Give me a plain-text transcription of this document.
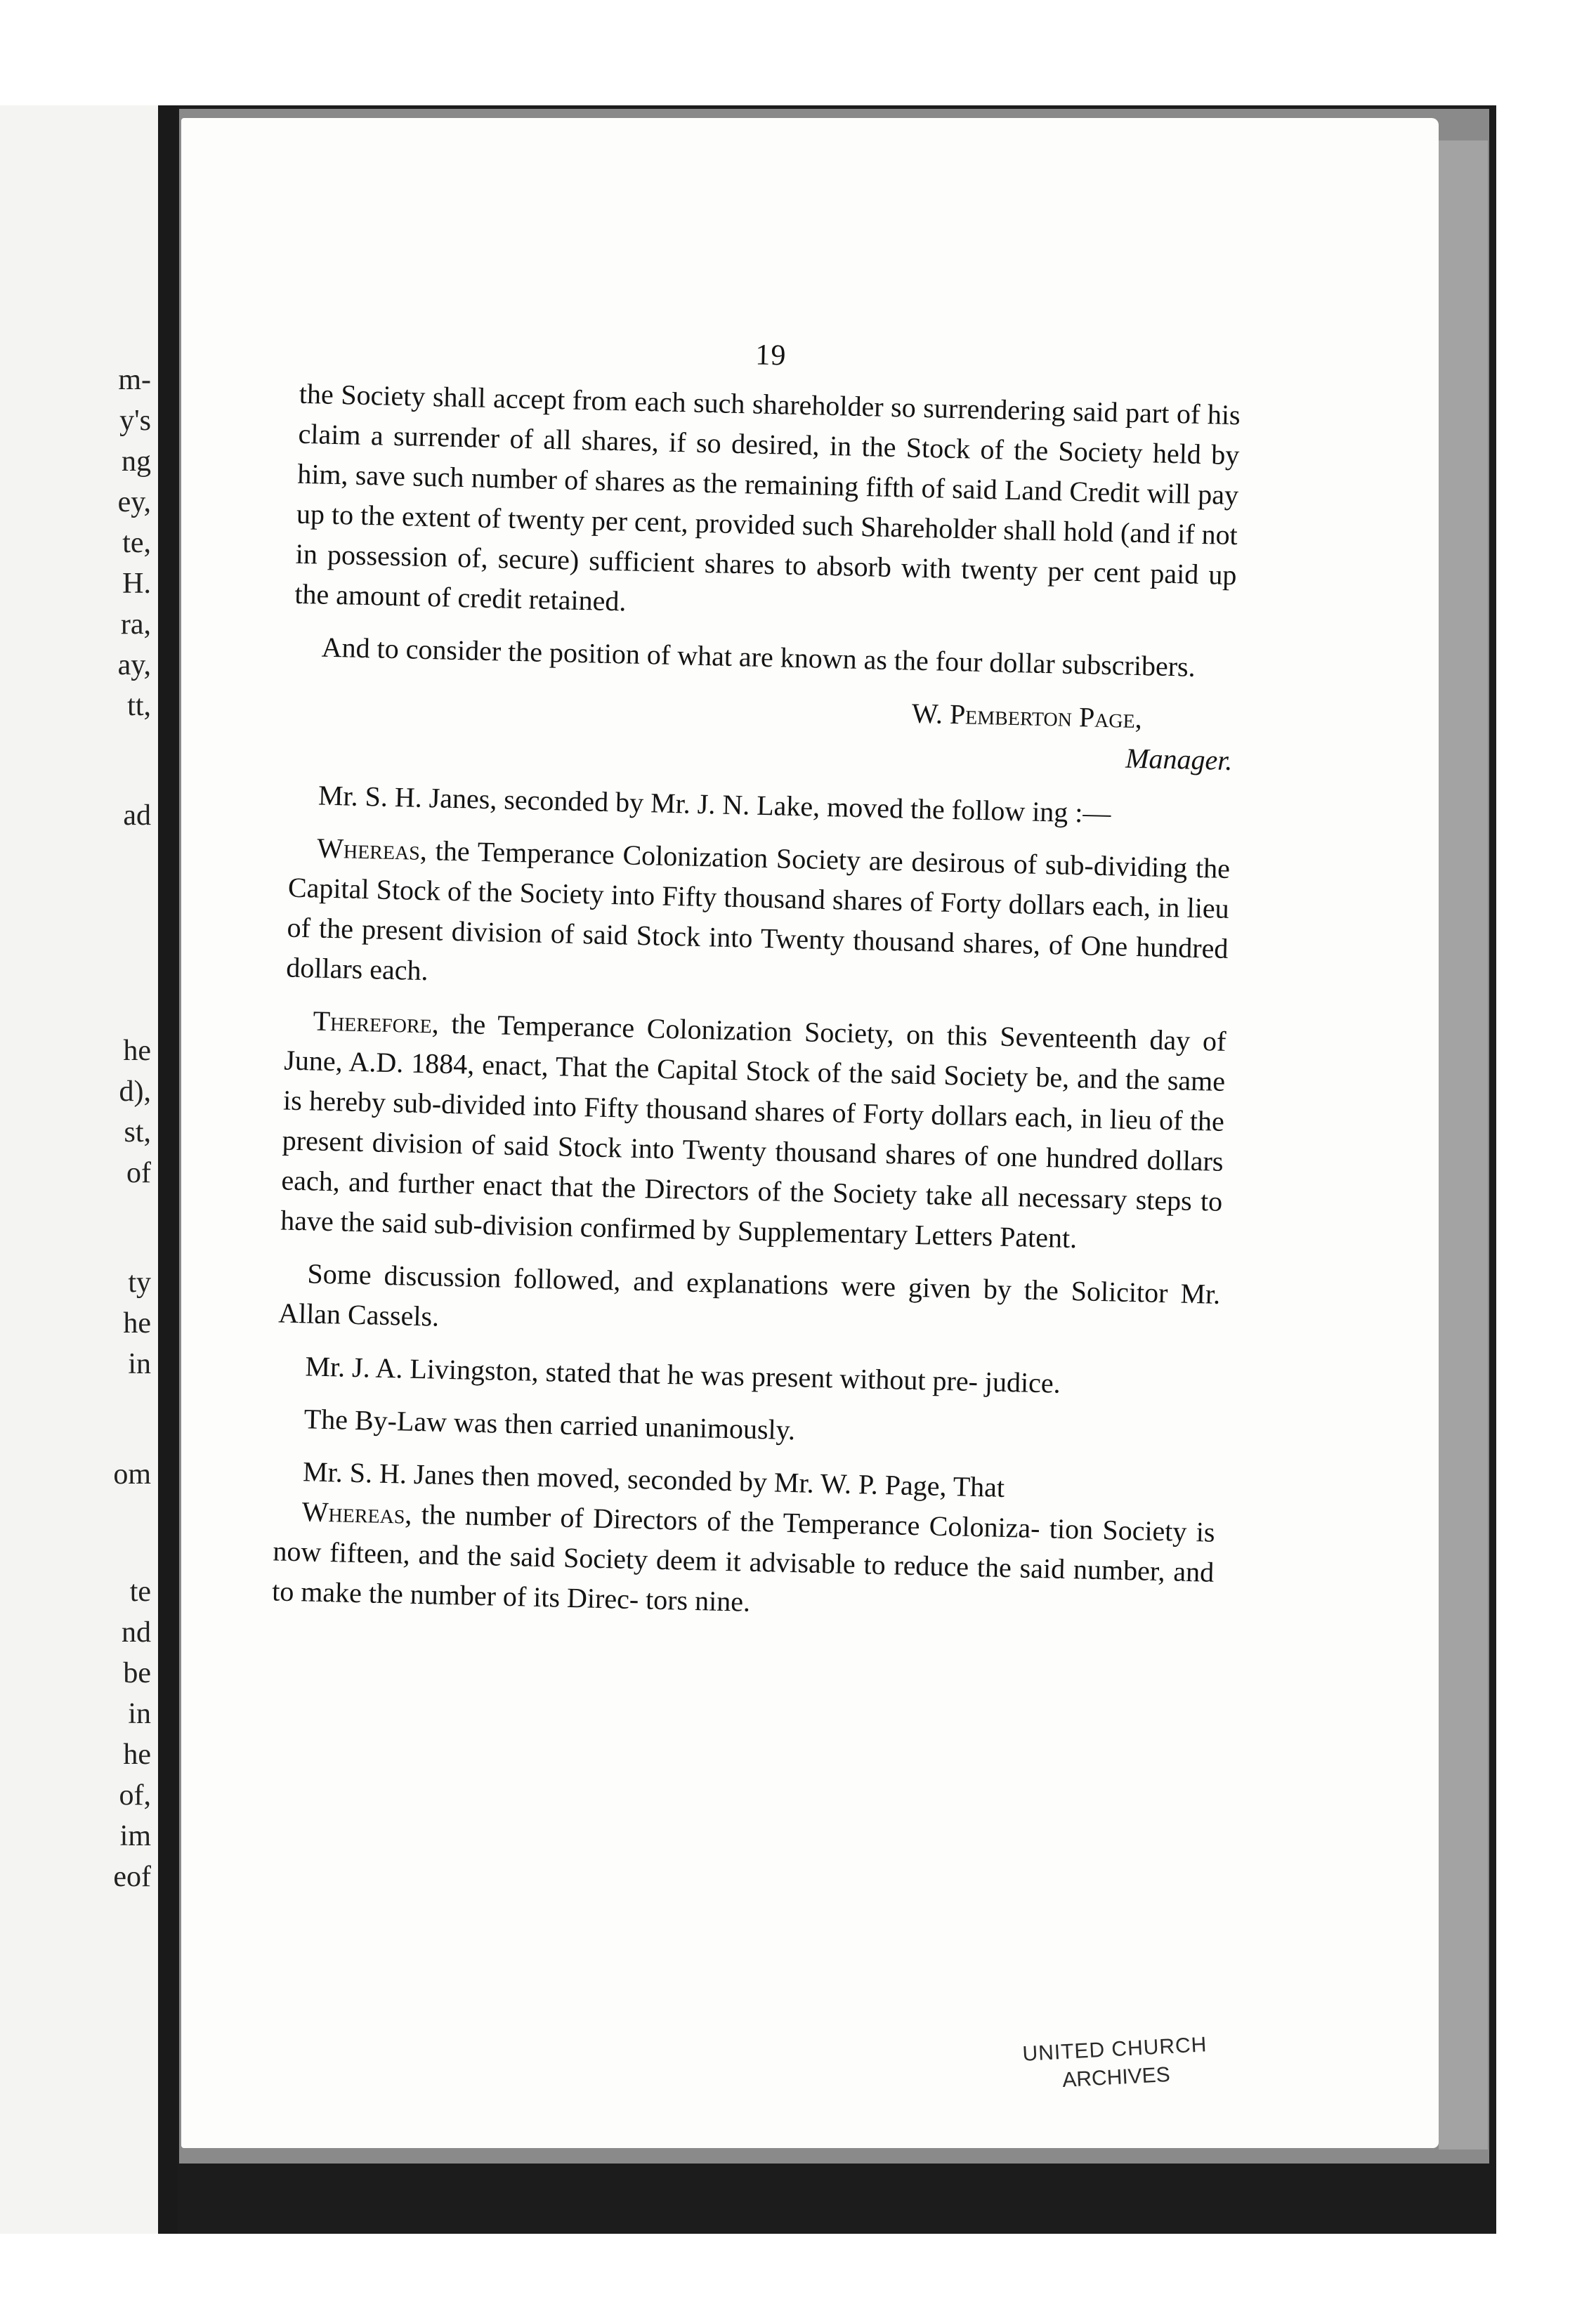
m-
y's
ng
ey,
te,
H.
ra,
ay,
tt,
ad
he
d),
st,
of
ty
he
in
om
te
nd
be
in
he
of,
im
eof
19

the Society shall accept from each such shareholder so surrendering said part of his claim a surrender of all shares, if so desired, in the Stock of the Society held by him, save such number of shares as the remaining fifth of said Land Credit will pay up to the extent of twenty per cent, provided such Shareholder shall hold (and if not in possession of, secure) sufficient shares to absorb with twenty per cent paid up the amount of credit retained.

And to consider the position of what are known as the four dollar subscribers.

W. Pemberton Page,
Manager.

Mr. S. H. Janes, seconded by Mr. J. N. Lake, moved the follow ing :—

Whereas, the Temperance Colonization Society are desirous of sub-dividing the Capital Stock of the Society into Fifty thousand shares of Forty dollars each, in lieu of the present division of said Stock into Twenty thousand shares, of One hundred dollars each.

Therefore, the Temperance Colonization Society, on this Seventeenth day of June, A.D. 1884, enact, That the Capital Stock of the said Society be, and the same is hereby sub-divided into Fifty thousand shares of Forty dollars each, in lieu of the present division of said Stock into Twenty thousand shares of one hundred dollars each, and further enact that the Directors of the Society take all necessary steps to have the said sub-division confirmed by Supplementary Letters Patent.

Some discussion followed, and explanations were given by the Solicitor Mr. Allan Cassels.

Mr. J. A. Livingston, stated that he was present without pre- judice.

The By-Law was then carried unanimously.

Mr. S. H. Janes then moved, seconded by Mr. W. P. Page, That

Whereas, the number of Directors of the Temperance Coloniza- tion Society is now fifteen, and the said Society deem it advisable to reduce the said number, and to make the number of its Direc- tors nine.

UNITED CHURCH
ARCHIVES
